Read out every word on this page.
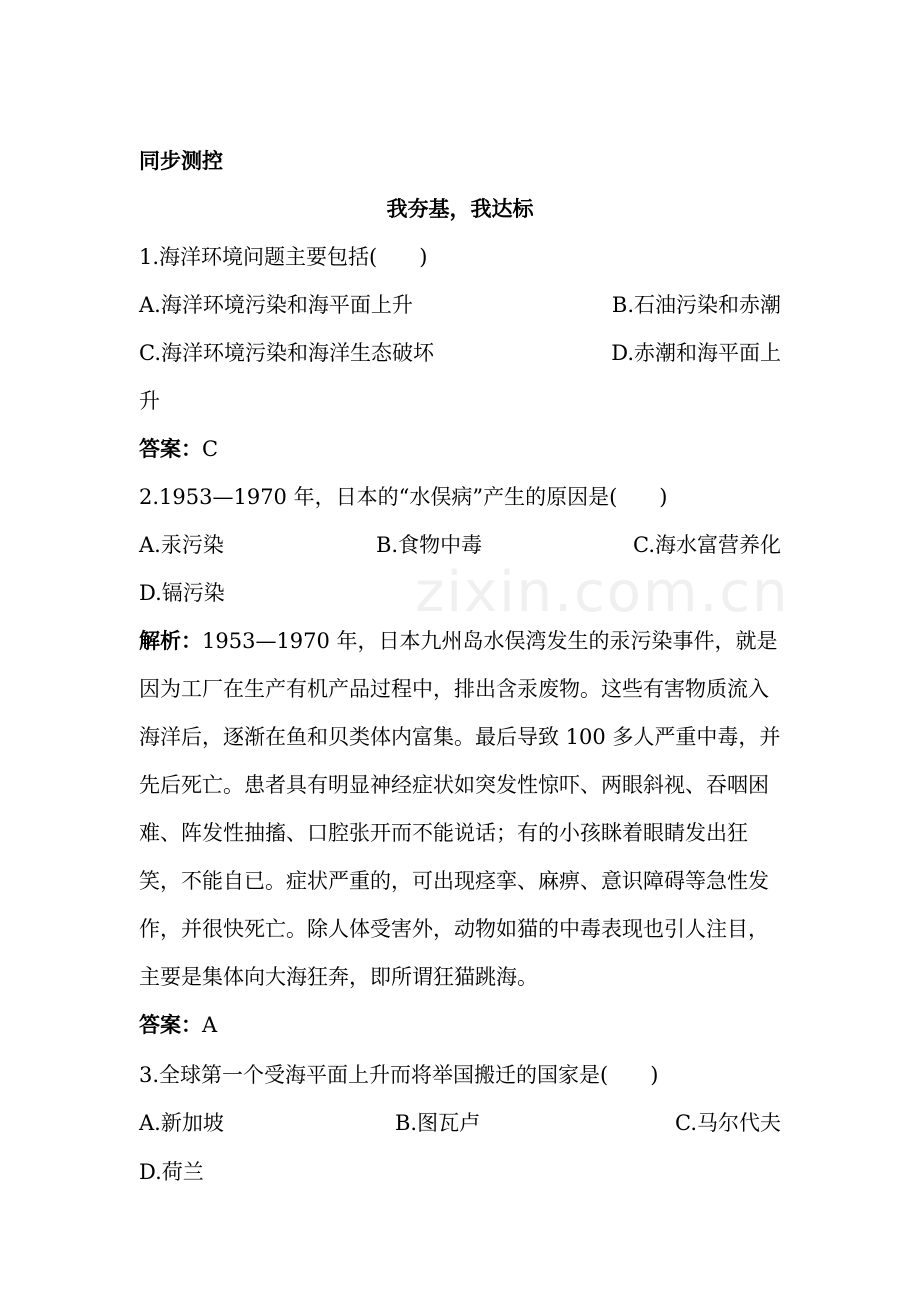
zixin.com.cn
同步测控
我夯基，我达标
1.海洋环境问题主要包括(　　)
A.海洋环境污染和海平面上升	B.石油污染和赤潮
C.海洋环境污染和海洋生态破坏	D.赤潮和海平面上
升
答案：C
2.1953—1970 年，日本的“水俣病”产生的原因是(　　)
A.汞污染	B.食物中毒	C.海水富营养化
D.镉污染
解析：1953—1970 年，日本九州岛水俣湾发生的汞污染事件，就是因为工厂在生产有机产品过程中，排出含汞废物。这些有害物质流入海洋后，逐渐在鱼和贝类体内富集。最后导致 100 多人严重中毒，并先后死亡。患者具有明显神经症状如突发性惊吓、两眼斜视、吞咽困难、阵发性抽搐、口腔张开而不能说话；有的小孩眯着眼睛发出狂笑，不能自已。症状严重的，可出现痉挛、麻痹、意识障碍等急性发作，并很快死亡。除人体受害外，动物如猫的中毒表现也引人注目，主要是集体向大海狂奔，即所谓狂猫跳海。
答案：A
3.全球第一个受海平面上升而将举国搬迁的国家是(　　)
A.新加坡	B.图瓦卢	C.马尔代夫
D.荷兰
